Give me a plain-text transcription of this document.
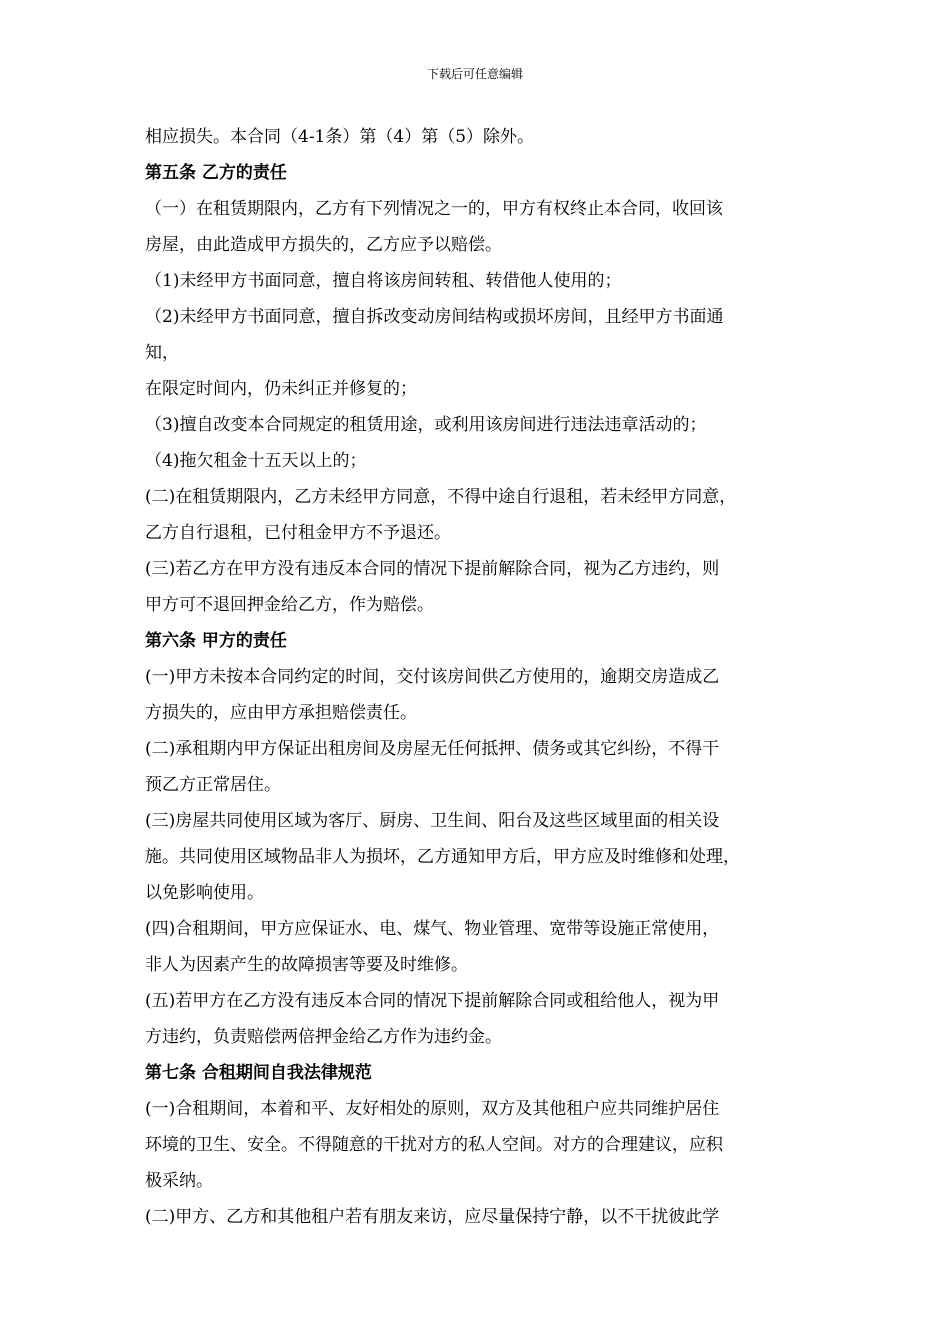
下载后可任意编辑
相应损失。本合同（4-1条）第（4）第（5）除外。
第五条 乙方的责任
（一）在租赁期限内，乙方有下列情况之一的，甲方有权终止本合同，收回该
房屋，由此造成甲方损失的，乙方应予以赔偿。
（1)未经甲方书面同意，擅自将该房间转租、转借他人使用的；
（2)未经甲方书面同意，擅自拆改变动房间结构或损坏房间，且经甲方书面通
知，
在限定时间内，仍未纠正并修复的；
（3)擅自改变本合同规定的租赁用途，或利用该房间进行违法违章活动的；
（4)拖欠租金十五天以上的；
(二)在租赁期限内，乙方未经甲方同意，不得中途自行退租，若未经甲方同意，
乙方自行退租，已付租金甲方不予退还。
(三)若乙方在甲方没有违反本合同的情况下提前解除合同，视为乙方违约，则
甲方可不退回押金给乙方，作为赔偿。
第六条 甲方的责任
(一)甲方未按本合同约定的时间，交付该房间供乙方使用的，逾期交房造成乙
方损失的，应由甲方承担赔偿责任。
(二)承租期内甲方保证出租房间及房屋无任何抵押、债务或其它纠纷，不得干
预乙方正常居住。
(三)房屋共同使用区域为客厅、厨房、卫生间、阳台及这些区域里面的相关设
施。共同使用区域物品非人为损坏，乙方通知甲方后，甲方应及时维修和处理，
以免影响使用。
(四)合租期间，甲方应保证水、电、煤气、物业管理、宽带等设施正常使用，
非人为因素产生的故障损害等要及时维修。
(五)若甲方在乙方没有违反本合同的情况下提前解除合同或租给他人，视为甲
方违约，负责赔偿两倍押金给乙方作为违约金。
第七条 合租期间自我法律规范
(一)合租期间，本着和平、友好相处的原则，双方及其他租户应共同维护居住
环境的卫生、安全。不得随意的干扰对方的私人空间。对方的合理建议，应积
极采纳。
(二)甲方、乙方和其他租户若有朋友来访，应尽量保持宁静，以不干扰彼此学
